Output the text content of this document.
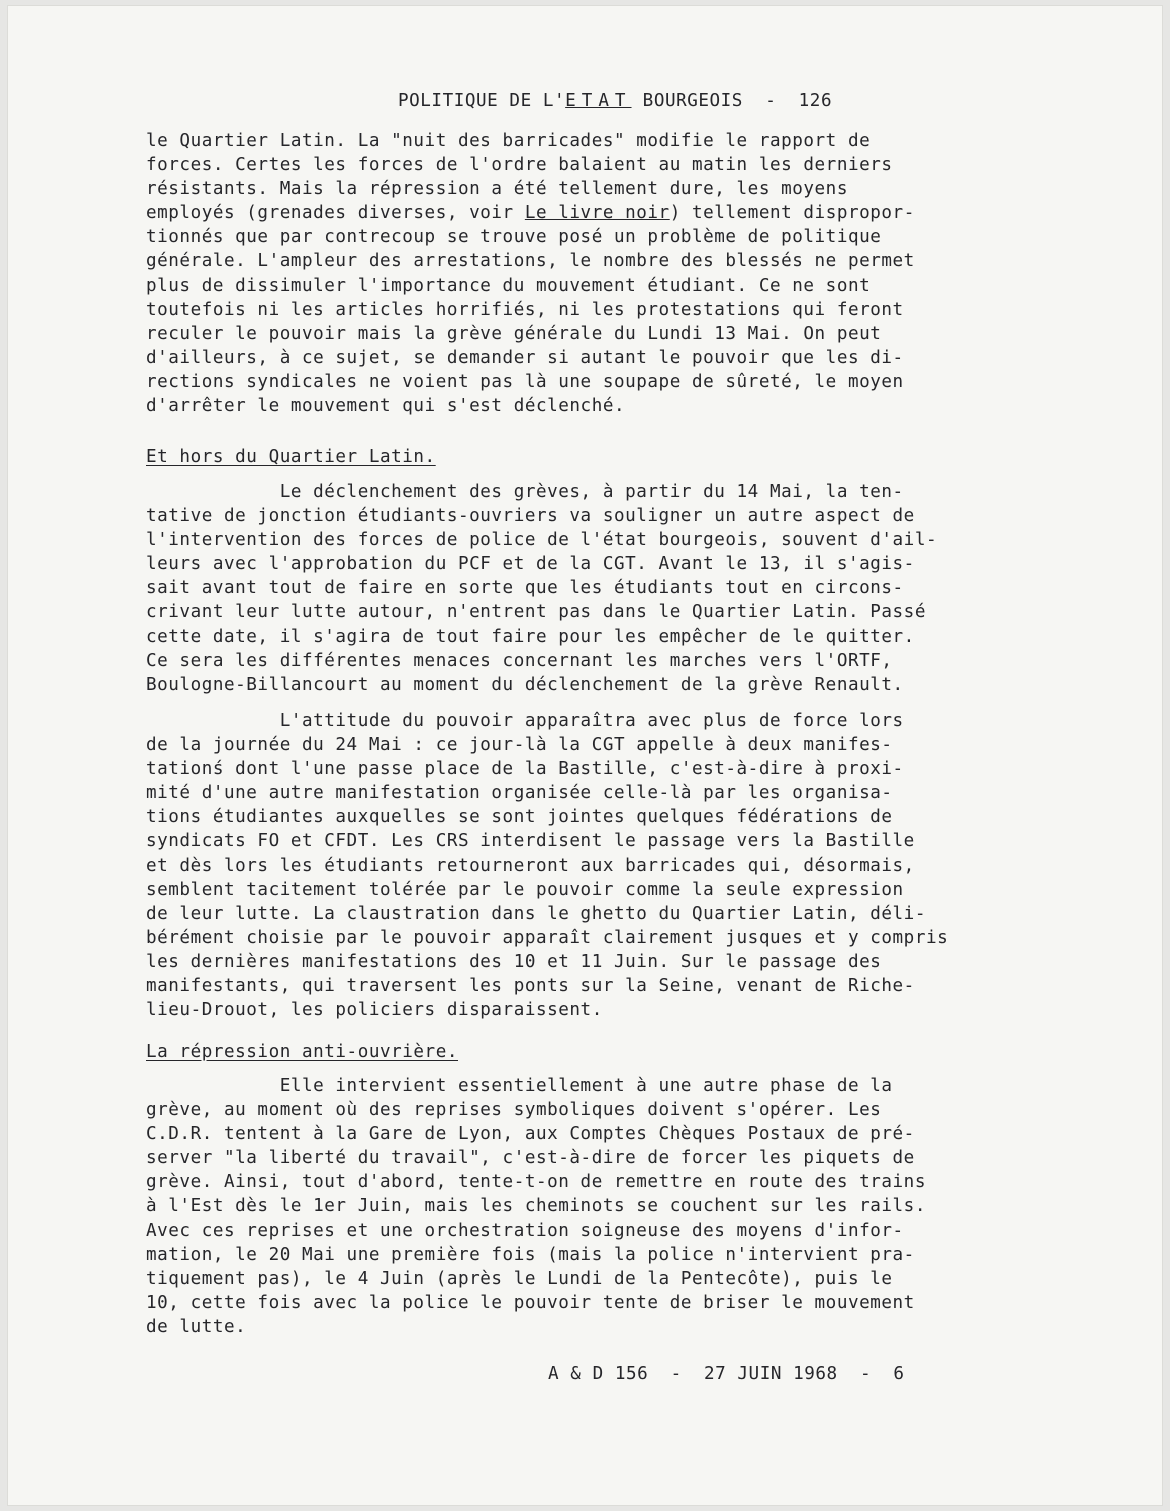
POLITIQUE DE L'ETAT BOURGEOIS  -  126
le Quartier Latin. La "nuit des barricades" modifie le rapport de
forces. Certes les forces de l'ordre balaient au matin les derniers
résistants. Mais la répression a été tellement dure, les moyens
employés (grenades diverses, voir Le livre noir) tellement dispropor-
tionnés que par contrecoup se trouve posé un problème de politique
générale. L'ampleur des arrestations, le nombre des blessés ne permet
plus de dissimuler l'importance du mouvement étudiant. Ce ne sont
toutefois ni les articles horrifiés, ni les protestations qui feront
reculer le pouvoir mais la grève générale du Lundi 13 Mai. On peut
d'ailleurs, à ce sujet, se demander si autant le pouvoir que les di-
rections syndicales ne voient pas là une soupape de sûreté, le moyen
d'arrêter le mouvement qui s'est déclenché.
Et hors du Quartier Latin.
Le déclenchement des grèves, à partir du 14 Mai, la ten-
tative de jonction étudiants-ouvriers va souligner un autre aspect de
l'intervention des forces de police de l'état bourgeois, souvent d'ail-
leurs avec l'approbation du PCF et de la CGT. Avant le 13, il s'agis-
sait avant tout de faire en sorte que les étudiants tout en circons-
crivant leur lutte autour, n'entrent pas dans le Quartier Latin. Passé
cette date, il s'agira de tout faire pour les empêcher de le quitter.
Ce sera les différentes menaces concernant les marches vers l'ORTF,
Boulogne-Billancourt au moment du déclenchement de la grève Renault.
L'attitude du pouvoir apparaîtra avec plus de force lors
de la journée du 24 Mai : ce jour-là la CGT appelle à deux manifes-
tationś dont l'une passe place de la Bastille, c'est-à-dire à proxi-
mité d'une autre manifestation organisée celle-là par les organisa-
tions étudiantes auxquelles se sont jointes quelques fédérations de
syndicats FO et CFDT. Les CRS interdisent le passage vers la Bastille
et dès lors les étudiants retourneront aux barricades qui, désormais,
semblent tacitement tolérée par le pouvoir comme la seule expression
de leur lutte. La claustration dans le ghetto du Quartier Latin, déli-
bérément choisie par le pouvoir apparaît clairement jusques et y compris
les dernières manifestations des 10 et 11 Juin. Sur le passage des
manifestants, qui traversent les ponts sur la Seine, venant de Riche-
lieu-Drouot, les policiers disparaissent.
La répression anti-ouvrière.
Elle intervient essentiellement à une autre phase de la
grève, au moment où des reprises symboliques doivent s'opérer. Les
C.D.R. tentent à la Gare de Lyon, aux Comptes Chèques Postaux de pré-
server "la liberté du travail", c'est-à-dire de forcer les piquets de
grève. Ainsi, tout d'abord, tente-t-on de remettre en route des trains
à l'Est dès le 1er Juin, mais les cheminots se couchent sur les rails.
Avec ces reprises et une orchestration soigneuse des moyens d'infor-
mation, le 20 Mai une première fois (mais la police n'intervient pra-
tiquement pas), le 4 Juin (après le Lundi de la Pentecôte), puis le
10, cette fois avec la police le pouvoir tente de briser le mouvement
de lutte.
A & D 156  -  27 JUIN 1968  -  6
